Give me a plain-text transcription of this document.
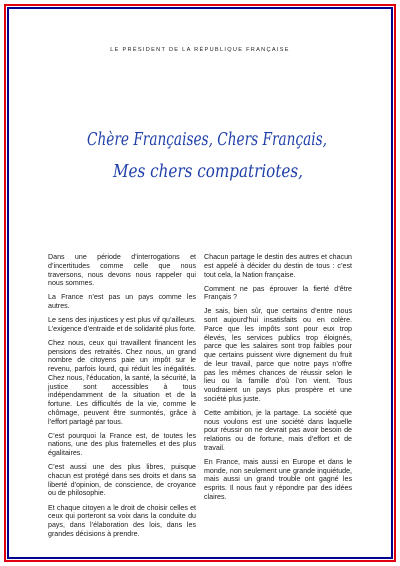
LE PRÉSIDENT DE LA RÉPUBLIQUE FRANÇAISE
Chère Françaises, Chers Français,
Mes chers compatriotes,

Dans une période d’interrogations et d’incertitudes comme celle que nous traversons, nous devons nous rappeler qui nous sommes.

La France n’est pas un pays comme les autres.

Le sens des injustices y est plus vif qu’ailleurs. L’exigence d’entraide et de solidarité plus forte.

Chez nous, ceux qui travaillent financent les pensions des retraités. Chez nous, un grand nombre de citoyens paie un impôt sur le revenu, parfois lourd, qui réduit les inégalités. Chez nous, l’éducation, la santé, la sécurité, la justice sont accessibles à tous indépendamment de la situation et de la fortune. Les difficultés de la vie, comme le chômage, peuvent être surmontés, grâce à l’effort partagé par tous.

C’est pourquoi la France est, de toutes les nations, une des plus fraternelles et des plus égalitaires.

C’est aussi une des plus libres, puisque chacun est protégé dans ses droits et dans sa liberté d’opinion, de conscience, de croyance ou de philosophie.

Et chaque citoyen a le droit de choisir celles et ceux qui porteront sa voix dans la conduite du pays, dans l’élaboration des lois, dans les grandes décisions à prendre.

Chacun partage le destin des autres et chacun est appelé à décider du destin de tous : c’est tout cela, la Nation française.

Comment ne pas éprouver la fierté d’être Français ?

Je sais, bien sûr, que certains d’entre nous sont aujourd’hui insatisfaits ou en colère. Parce que les impôts sont pour eux trop élevés, les services publics trop éloignés, parce que les salaires sont trop faibles pour que certains puissent vivre dignement du fruit de leur travail, parce que notre pays n’offre pas les mêmes chances de réussir selon le lieu ou la famille d’où l’on vient. Tous voudraient un pays plus prospère et une société plus juste.

Cette ambition, je la partage. La société que nous voulons est une société dans laquelle pour réussir on ne devrait pas avoir besoin de relations ou de fortune, mais d’effort et de travail.

En France, mais aussi en Europe et dans le monde, non seulement une grande inquiétude, mais aussi un grand trouble ont gagné les esprits. Il nous faut y répondre par des idées claires.
